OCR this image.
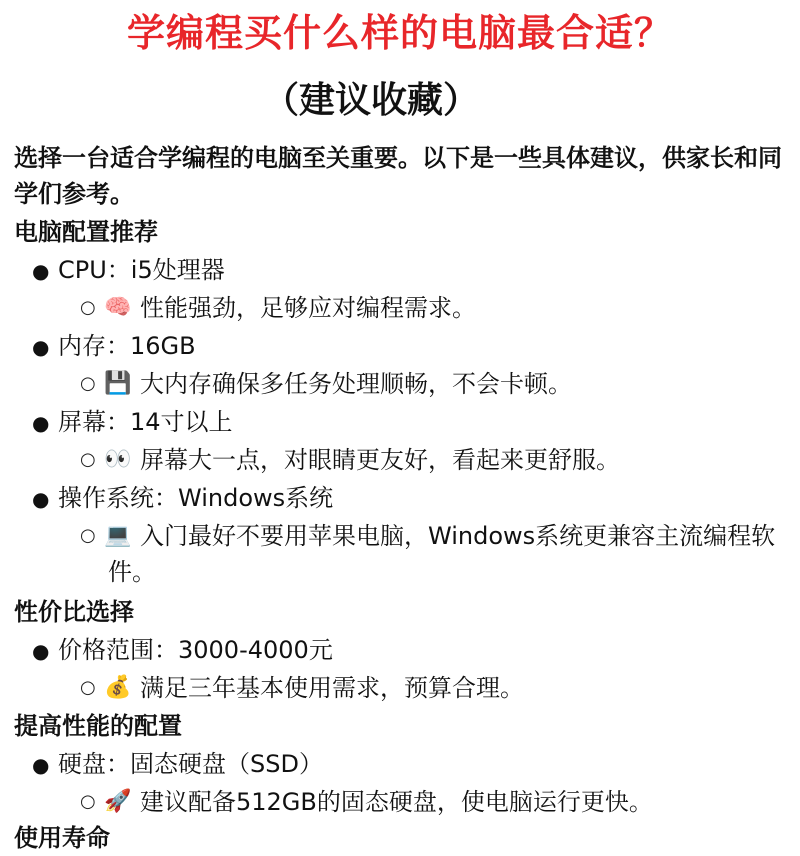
学编程买什么样的电脑最合适？
（建议收藏）
选择一台适合学编程的电脑至关重要。以下是一些具体建议，供家长和同学们参考。
电脑配置推荐
● CPU：i5处理器
○ 🧠 性能强劲，足够应对编程需求。
● 内存：16GB
○ 💾 大内存确保多任务处理顺畅，不会卡顿。
● 屏幕：14寸以上
○ 👀 屏幕大一点，对眼睛更友好，看起来更舒服。
● 操作系统：Windows系统
○ 💻 入门最好不要用苹果电脑，Windows系统更兼容主流编程软件。
性价比选择
● 价格范围：3000-4000元
○ 💰 满足三年基本使用需求，预算合理。
提高性能的配置
● 硬盘：固态硬盘（SSD）
○ 🚀 建议配备512GB的固态硬盘，使电脑运行更快。
使用寿命
